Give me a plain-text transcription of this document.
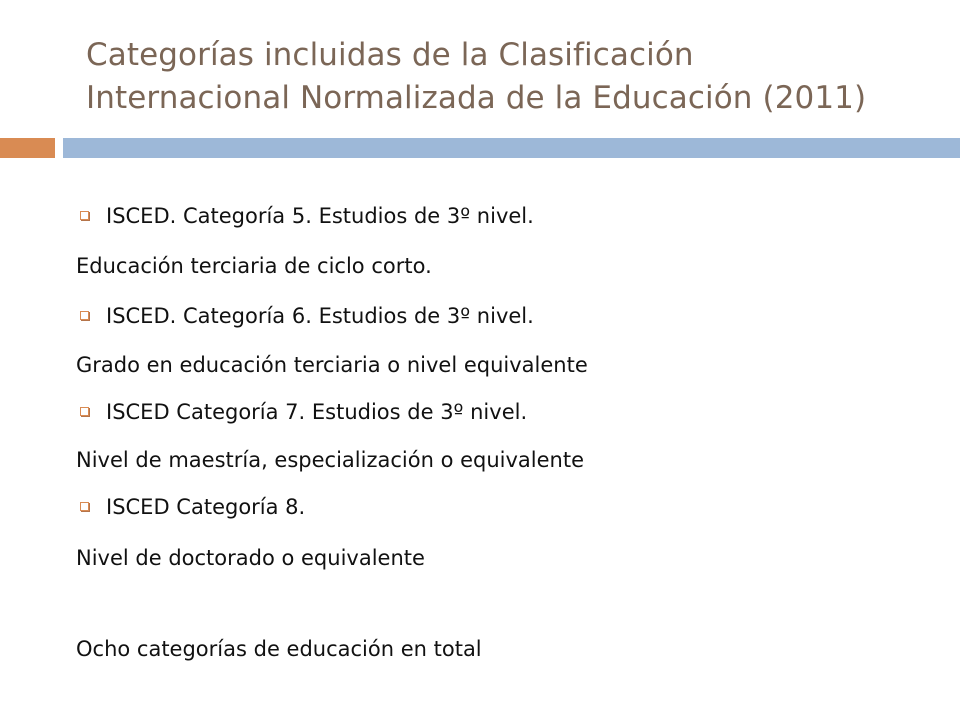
Categorías incluidas de la Clasificación
Internacional Normalizada de la Educación (2011)
ISCED. Categoría 5. Estudios de 3º nivel.
Educación terciaria de ciclo corto.
ISCED. Categoría 6. Estudios de 3º nivel.
Grado en educación terciaria o nivel equivalente
ISCED Categoría 7. Estudios de 3º nivel.
Nivel de maestría, especialización o equivalente
ISCED Categoría 8.
Nivel de doctorado o equivalente
Ocho categorías de educación en total
